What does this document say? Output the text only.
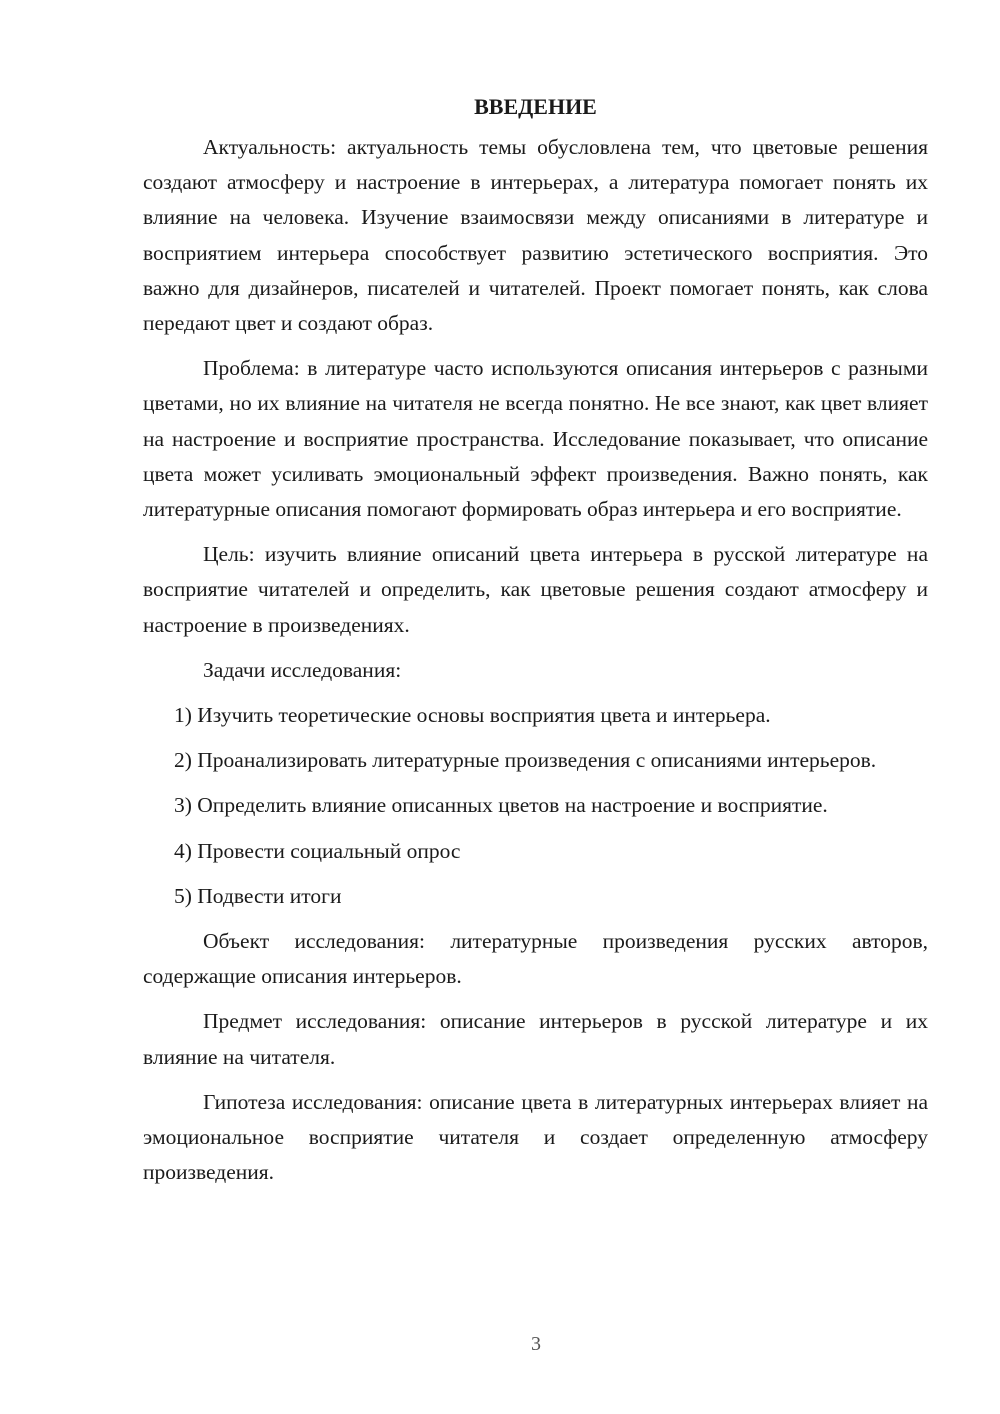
ВВЕДЕНИЕ

Актуальность: актуальность темы обусловлена тем, что цветовые решения создают атмосферу и настроение в интерьерах, а литература помогает понять их влияние на человека. Изучение взаимосвязи между описаниями в литературе и восприятием интерьера способствует развитию эстетического восприятия. Это важно для дизайнеров, писателей и читателей. Проект помогает понять, как слова передают цвет и создают образ.

Проблема: в литературе часто используются описания интерьеров с разными цветами, но их влияние на читателя не всегда понятно. Не все знают, как цвет влияет на настроение и восприятие пространства. Исследование показывает, что описание цвета может усиливать эмоциональный эффект произведения. Важно понять, как литературные описания помогают формировать образ интерьера и его восприятие.

Цель: изучить влияние описаний цвета интерьера в русской литературе на восприятие читателей и определить, как цветовые решения создают атмосферу и настроение в произведениях.

Задачи исследования:

1) Изучить теоретические основы восприятия цвета и интерьера.

2) Проанализировать литературные произведения с описаниями интерьеров.

3) Определить влияние описанных цветов на настроение и восприятие.

4) Провести социальный опрос

5) Подвести итоги

Объект исследования: литературные произведения русских авторов, содержащие описания интерьеров.

Предмет исследования: описание интерьеров в русской литературе и их влияние на читателя.

Гипотеза исследования: описание цвета в литературных интерьерах влияет на эмоциональное восприятие читателя и создает определенную атмосферу произведения.

3
